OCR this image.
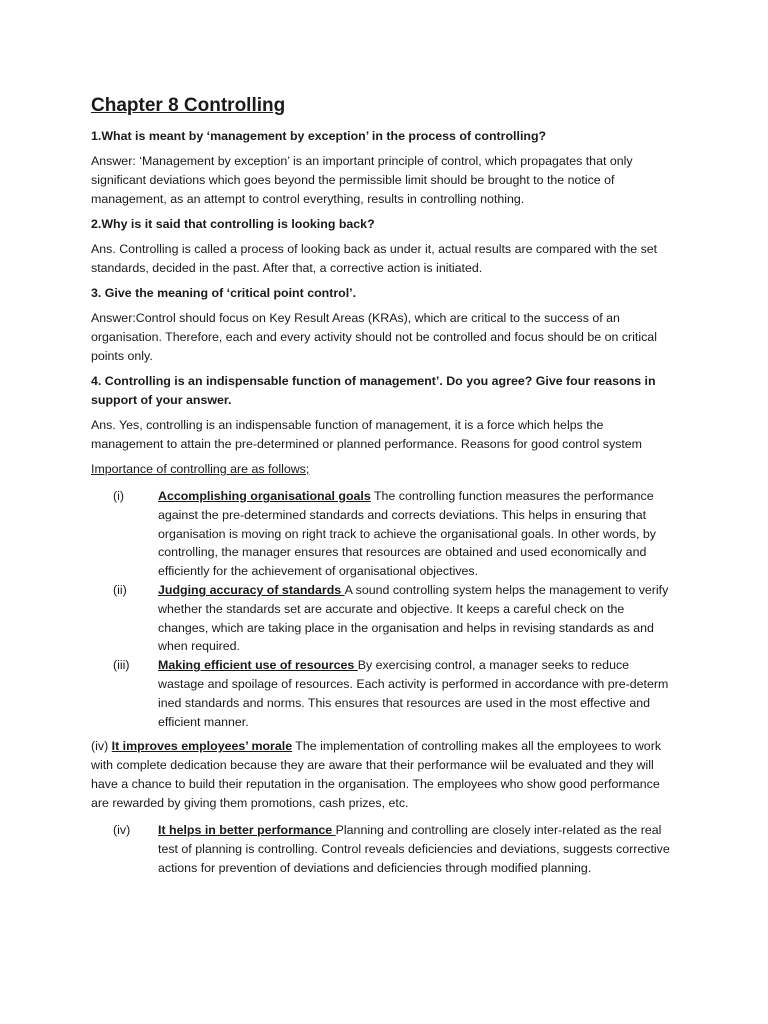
Chapter 8 Controlling
1.What is meant by ‘management by exception’ in the process of controlling?
Answer: ‘Management by exception’ is an important principle of control, which propagates that only significant deviations which goes beyond the permissible limit should be brought to the notice of management, as an attempt to control everything, results in controlling nothing.
2.Why is it said that controlling is looking back?
Ans. Controlling is called a process of looking back as under it, actual results are compared with the set standards, decided in the past. After that, a corrective action is initiated.
3. Give the meaning of ‘critical point control’.
Answer:Control should focus on Key Result Areas (KRAs), which are critical to the success of an organisation. Therefore, each and every activity should not be controlled and focus should be on critical points only.
4. Controlling is an indispensable function of management’. Do you agree? Give four reasons in support of your answer.
Ans. Yes, controlling is an indispensable function of management, it is a force which helps the management to attain the pre-determined or planned performance. Reasons for good control system
Importance of controlling are as follows;
(i)	Accomplishing organisational goals The controlling function measures the performance against the pre-determined standards and corrects deviations. This helps in ensuring that organisation is moving on right track to achieve the organisational goals. In other words, by controlling, the manager ensures that resources are obtained and used economically and efficiently for the achievement of organisational objectives.
(ii)	Judging accuracy of standards A sound controlling system helps the management to verify whether the standards set are accurate and objective. It keeps a careful check on the changes, which are taking place in the organisation and helps in revising standards as and when required.
(iii)	Making efficient use of resources By exercising control, a manager seeks to reduce wastage and spoilage of resources. Each activity is performed in accordance with pre-determ ined standards and norms. This ensures that resources are used in the most effective and efficient manner.
(iv) It improves employees’ morale The implementation of controlling makes all the employees to work with complete dedication because they are aware that their performance wiil be evaluated and they will have a chance to build their reputation in the organisation. The employees who show good performance are rewarded by giving them promotions, cash prizes, etc.
(iv)	It helps in better performance Planning and controlling are closely inter-related as the real test of planning is controlling. Control reveals deficiencies and deviations, suggests corrective actions for prevention of deviations and deficiencies through modified planning.
